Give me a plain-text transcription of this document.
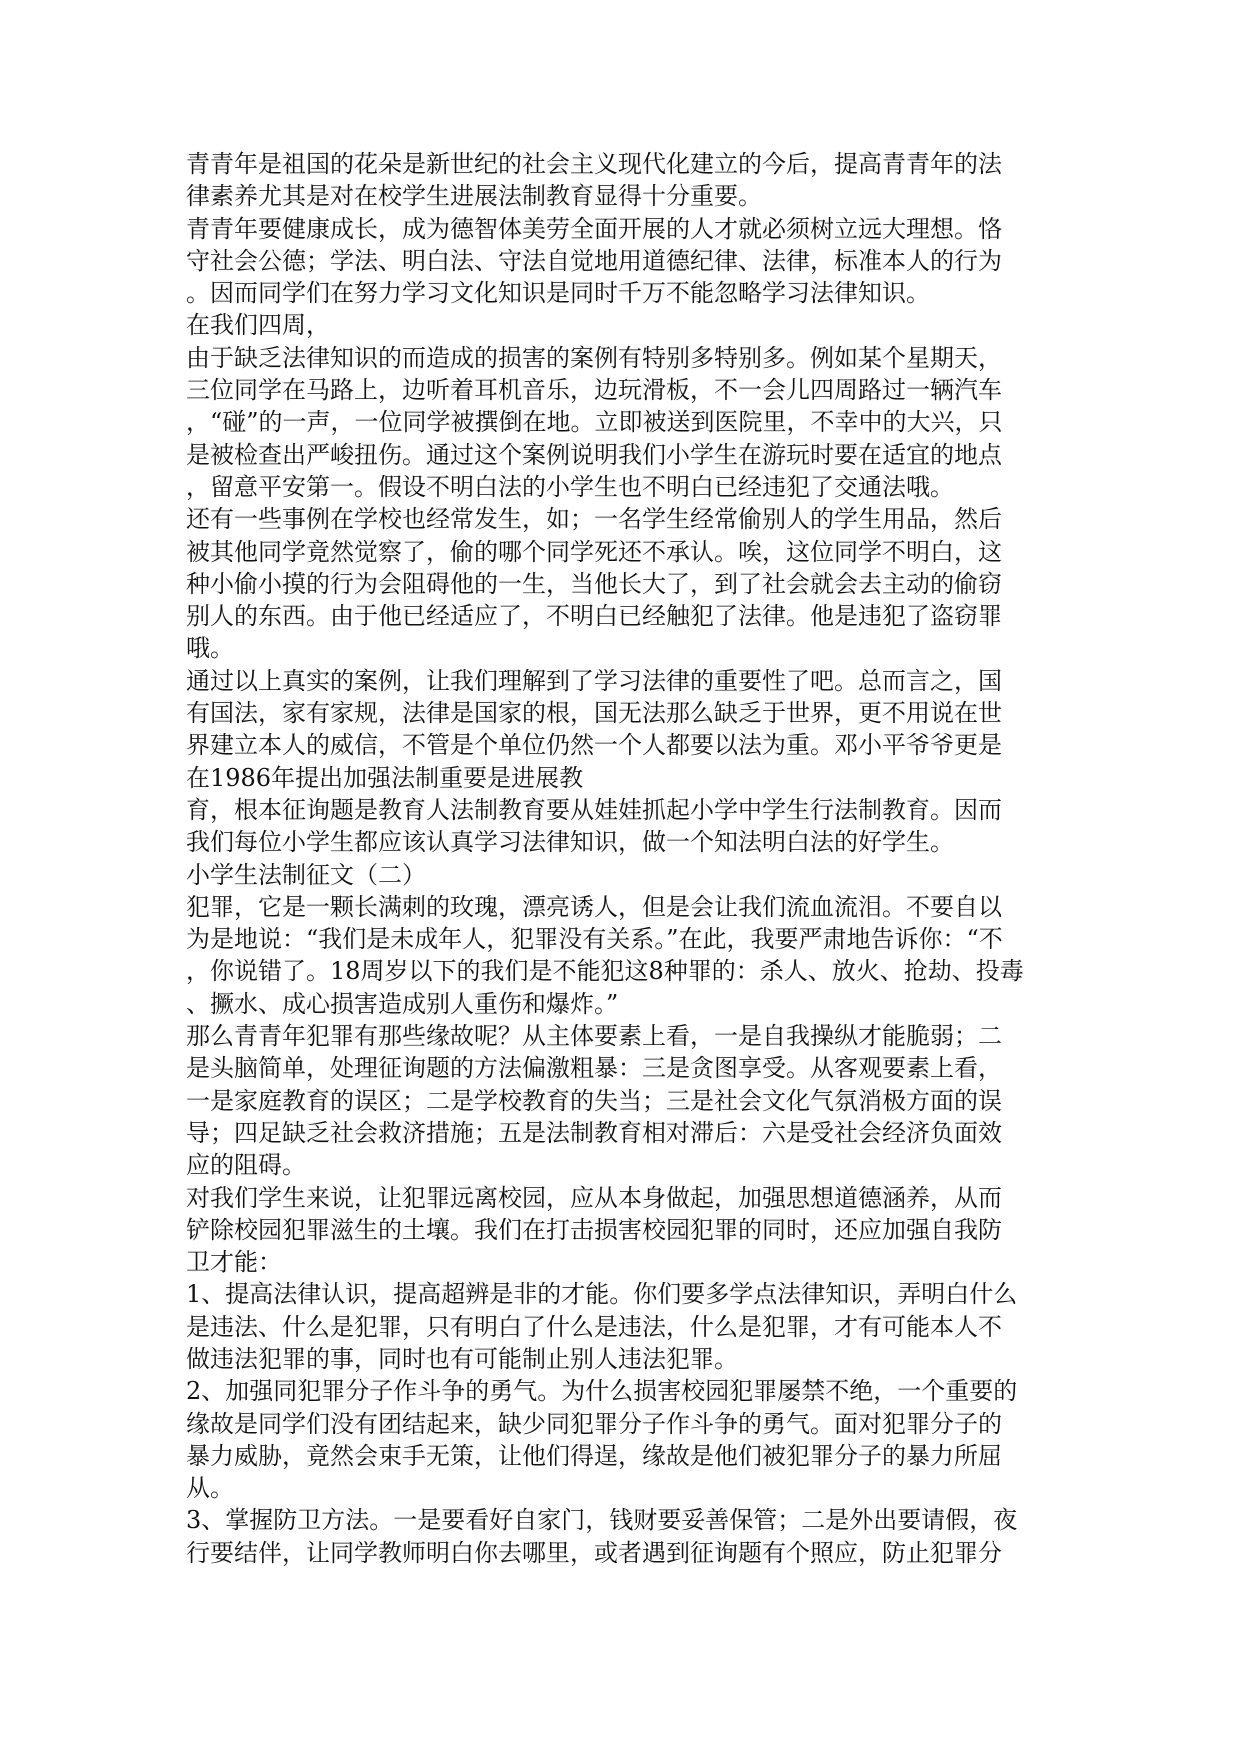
青青年是祖国的花朵是新世纪的社会主义现代化建立的今后，提高青青年的法
律素养尤其是对在校学生进展法制教育显得十分重要。
青青年要健康成长，成为德智体美劳全面开展的人才就必须树立远大理想。恪
守社会公德；学法、明白法、守法自觉地用道德纪律、法律，标准本人的行为
。因而同学们在努力学习文化知识是同时千万不能忽略学习法律知识。
在我们四周，
由于缺乏法律知识的而造成的损害的案例有特别多特别多。例如某个星期天，
三位同学在马路上，边听着耳机音乐，边玩滑板，不一会儿四周路过一辆汽车
，“碰”的一声，一位同学被撰倒在地。立即被送到医院里，不幸中的大兴，只
是被检查出严峻扭伤。通过这个案例说明我们小学生在游玩时要在适宜的地点
，留意平安第一。假设不明白法的小学生也不明白已经违犯了交通法哦。
还有一些事例在学校也经常发生，如；一名学生经常偷别人的学生用品，然后
被其他同学竟然觉察了，偷的哪个同学死还不承认。唉，这位同学不明白，这
种小偷小摸的行为会阻碍他的一生，当他长大了，到了社会就会去主动的偷窃
别人的东西。由于他已经适应了，不明白已经触犯了法律。他是违犯了盗窃罪
哦。
通过以上真实的案例，让我们理解到了学习法律的重要性了吧。总而言之，国
有国法，家有家规，法律是国家的根，国无法那么缺乏于世界，更不用说在世
界建立本人的威信，不管是个单位仍然一个人都要以法为重。邓小平爷爷更是
在1986年提出加强法制重要是进展教
育，根本征询题是教育人法制教育要从娃娃抓起小学中学生行法制教育。因而
我们每位小学生都应该认真学习法律知识，做一个知法明白法的好学生。
小学生法制征文（二）
犯罪，它是一颗长满刺的玫瑰，漂亮诱人，但是会让我们流血流泪。不要自以
为是地说：“我们是未成年人，犯罪没有关系。”在此，我要严肃地告诉你：“不
，你说错了。18周岁以下的我们是不能犯这8种罪的：杀人、放火、抢劫、投毒
、撅水、成心损害造成别人重伤和爆炸。”
那么青青年犯罪有那些缘故呢？从主体要素上看，一是自我操纵才能脆弱；二
是头脑简单，处理征询题的方法偏激粗暴：三是贪图享受。从客观要素上看，
一是家庭教育的误区；二是学校教育的失当；三是社会文化气氛消极方面的误
导；四足缺乏社会救济措施；五是法制教育相对滞后：六是受社会经济负面效
应的阻碍。
对我们学生来说，让犯罪远离校园，应从本身做起，加强思想道德涵养，从而
铲除校园犯罪滋生的土壤。我们在打击损害校园犯罪的同时，还应加强自我防
卫才能：
1、提高法律认识，提高超辨是非的才能。你们要多学点法律知识，弄明白什么
是违法、什么是犯罪，只有明白了什么是违法，什么是犯罪，才有可能本人不
做违法犯罪的事，同时也有可能制止别人违法犯罪。
2、加强同犯罪分子作斗争的勇气。为什么损害校园犯罪屡禁不绝，一个重要的
缘故是同学们没有团结起来，缺少同犯罪分子作斗争的勇气。面对犯罪分子的
暴力威胁，竟然会束手无策，让他们得逞，缘故是他们被犯罪分子的暴力所屈
从。
3、掌握防卫方法。一是要看好自家门，钱财要妥善保管；二是外出要请假，夜
行要结伴，让同学教师明白你去哪里，或者遇到征询题有个照应，防止犯罪分
